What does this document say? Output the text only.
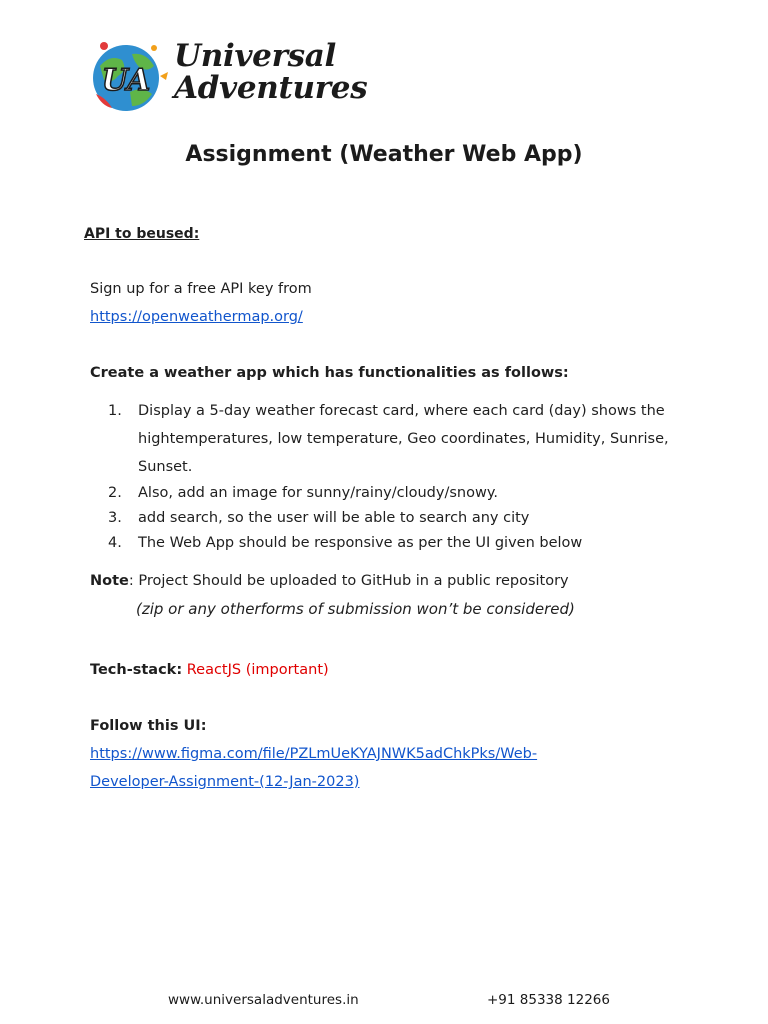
UA
Universal
Adventures
Assignment (Weather Web App)
API to beused:
Sign up for a free API key from
https://openweathermap.org/
Create a weather app which has functionalities as follows:
1. Display a 5-day weather forecast card, where each card (day) shows the hightemperatures, low temperature, Geo coordinates, Humidity, Sunrise, Sunset.
2. Also, add an image for sunny/rainy/cloudy/snowy.
3. add search, so the user will be able to search any city
4. The Web App should be responsive as per the UI given below
Note: Project Should be uploaded to GitHub in a public repository
(zip or any otherforms of submission won’t be considered)
Tech-stack: ReactJS (important)
Follow this UI:
https://www.figma.com/file/PZLmUeKYAJNWK5adChkPks/Web-
Developer-Assignment-(12-Jan-2023)
www.universaladventures.in	+91 85338 12266
